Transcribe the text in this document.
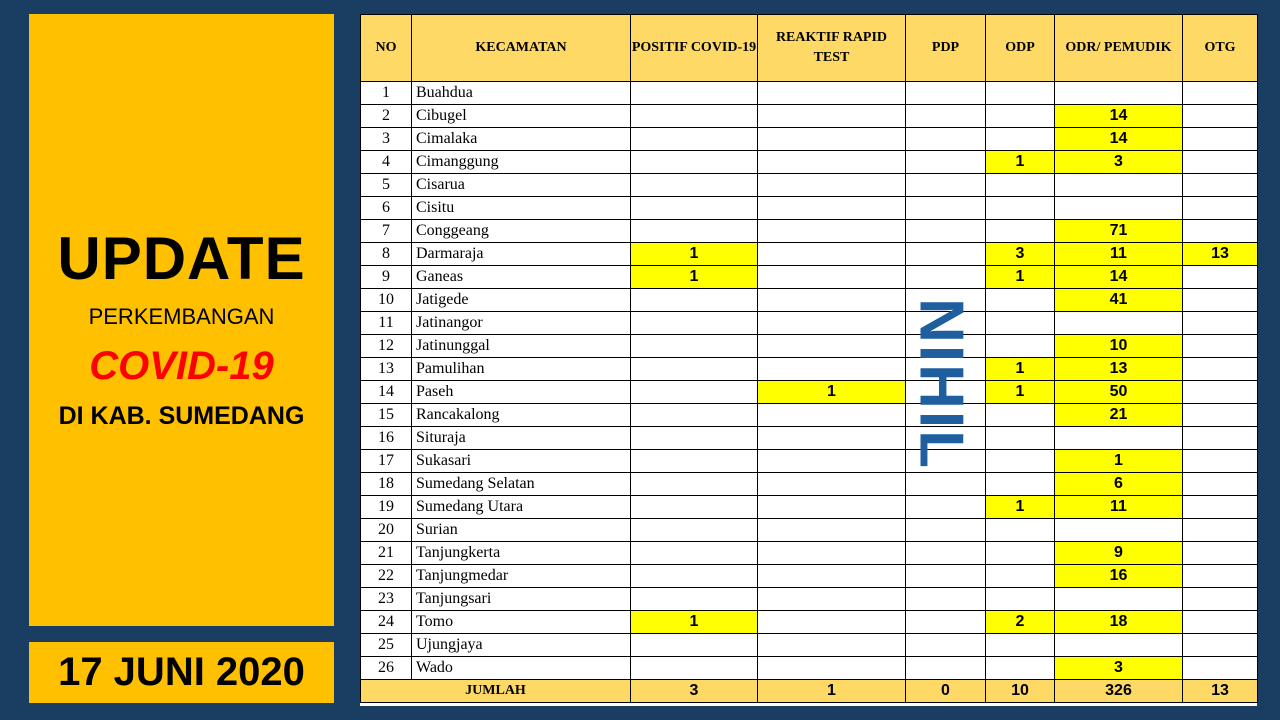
UPDATE
PERKEMBANGAN
COVID-19
DI KAB. SUMEDANG
17 JUNI 2020
NO	KECAMATAN	POSITIF COVID-19	REAKTIF RAPID TEST	PDP	ODP	ODR/ PEMUDIK	OTG
1	Buahdua						
2	Cibugel					14	
3	Cimalaka					14	
4	Cimanggung				1	3	
5	Cisarua						
6	Cisitu						
7	Conggeang					71	
8	Darmaraja	1			3	11	13
9	Ganeas	1			1	14	
10	Jatigede					41	
11	Jatinangor						
12	Jatinunggal					10	
13	Pamulihan				1	13	
14	Paseh		1		1	50	
15	Rancakalong					21	
16	Situraja						
17	Sukasari					1	
18	Sumedang Selatan					6	
19	Sumedang Utara				1	11	
20	Surian						
21	Tanjungkerta					9	
22	Tanjungmedar					16	
23	Tanjungsari						
24	Tomo	1			2	18	
25	Ujungjaya						
26	Wado					3	
JUMLAH		3	1	0	10	326	13
NIHIL
